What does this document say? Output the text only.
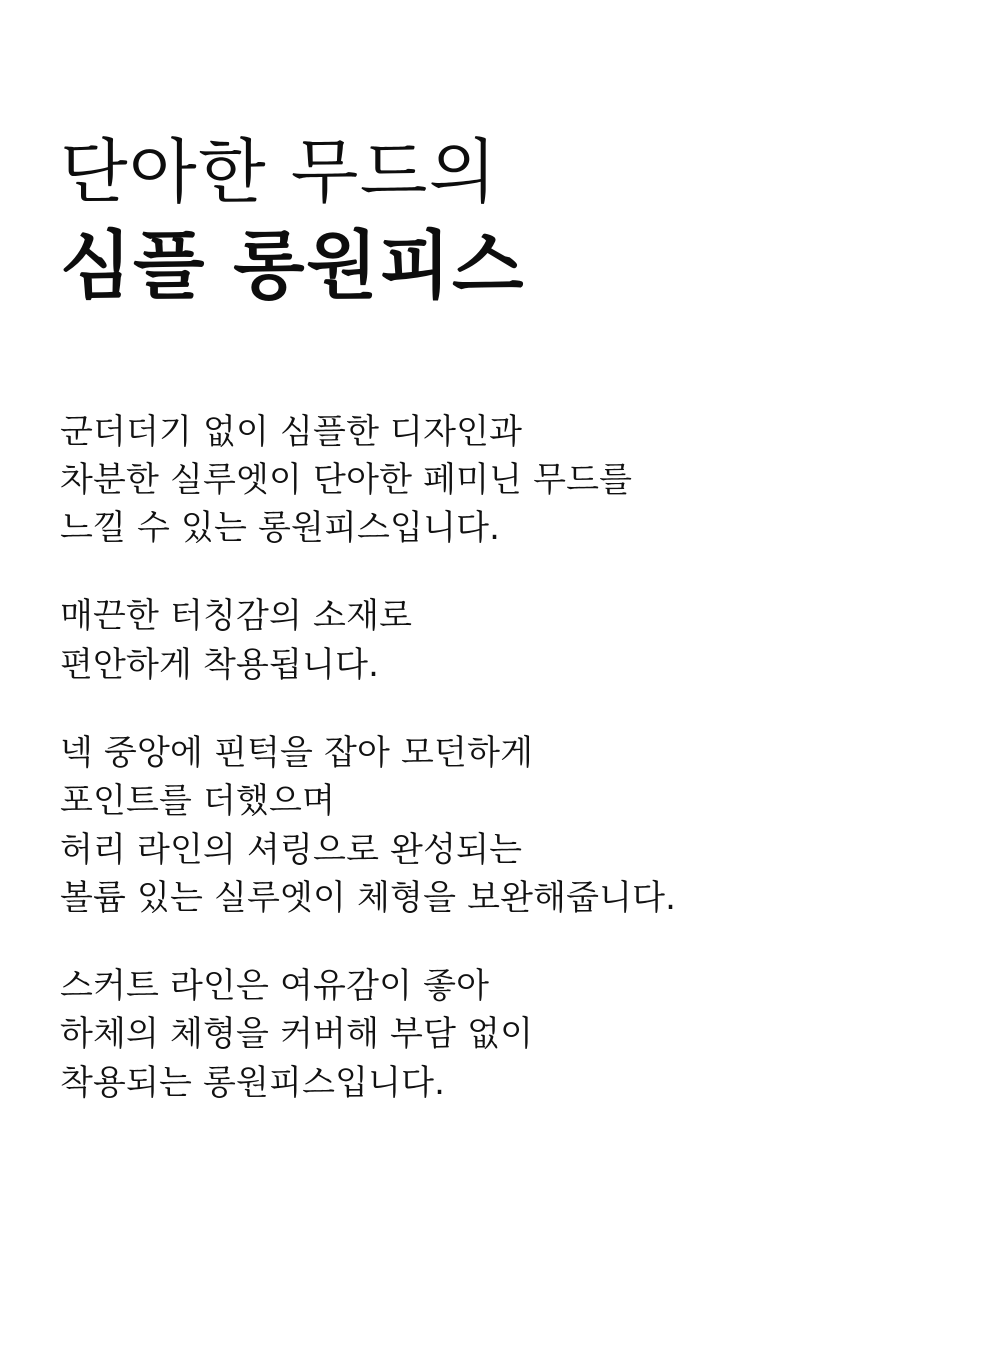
단아한 무드의
심플 롱원피스

군더더기 없이 심플한 디자인과
차분한 실루엣이 단아한 페미닌 무드를
느낄 수 있는 롱원피스입니다.

매끈한 터칭감의 소재로
편안하게 착용됩니다.

넥 중앙에 핀턱을 잡아 모던하게
포인트를 더했으며
허리 라인의 셔링으로 완성되는
볼륨 있는 실루엣이 체형을 보완해줍니다.

스커트 라인은 여유감이 좋아
하체의 체형을 커버해 부담 없이
착용되는 롱원피스입니다.
